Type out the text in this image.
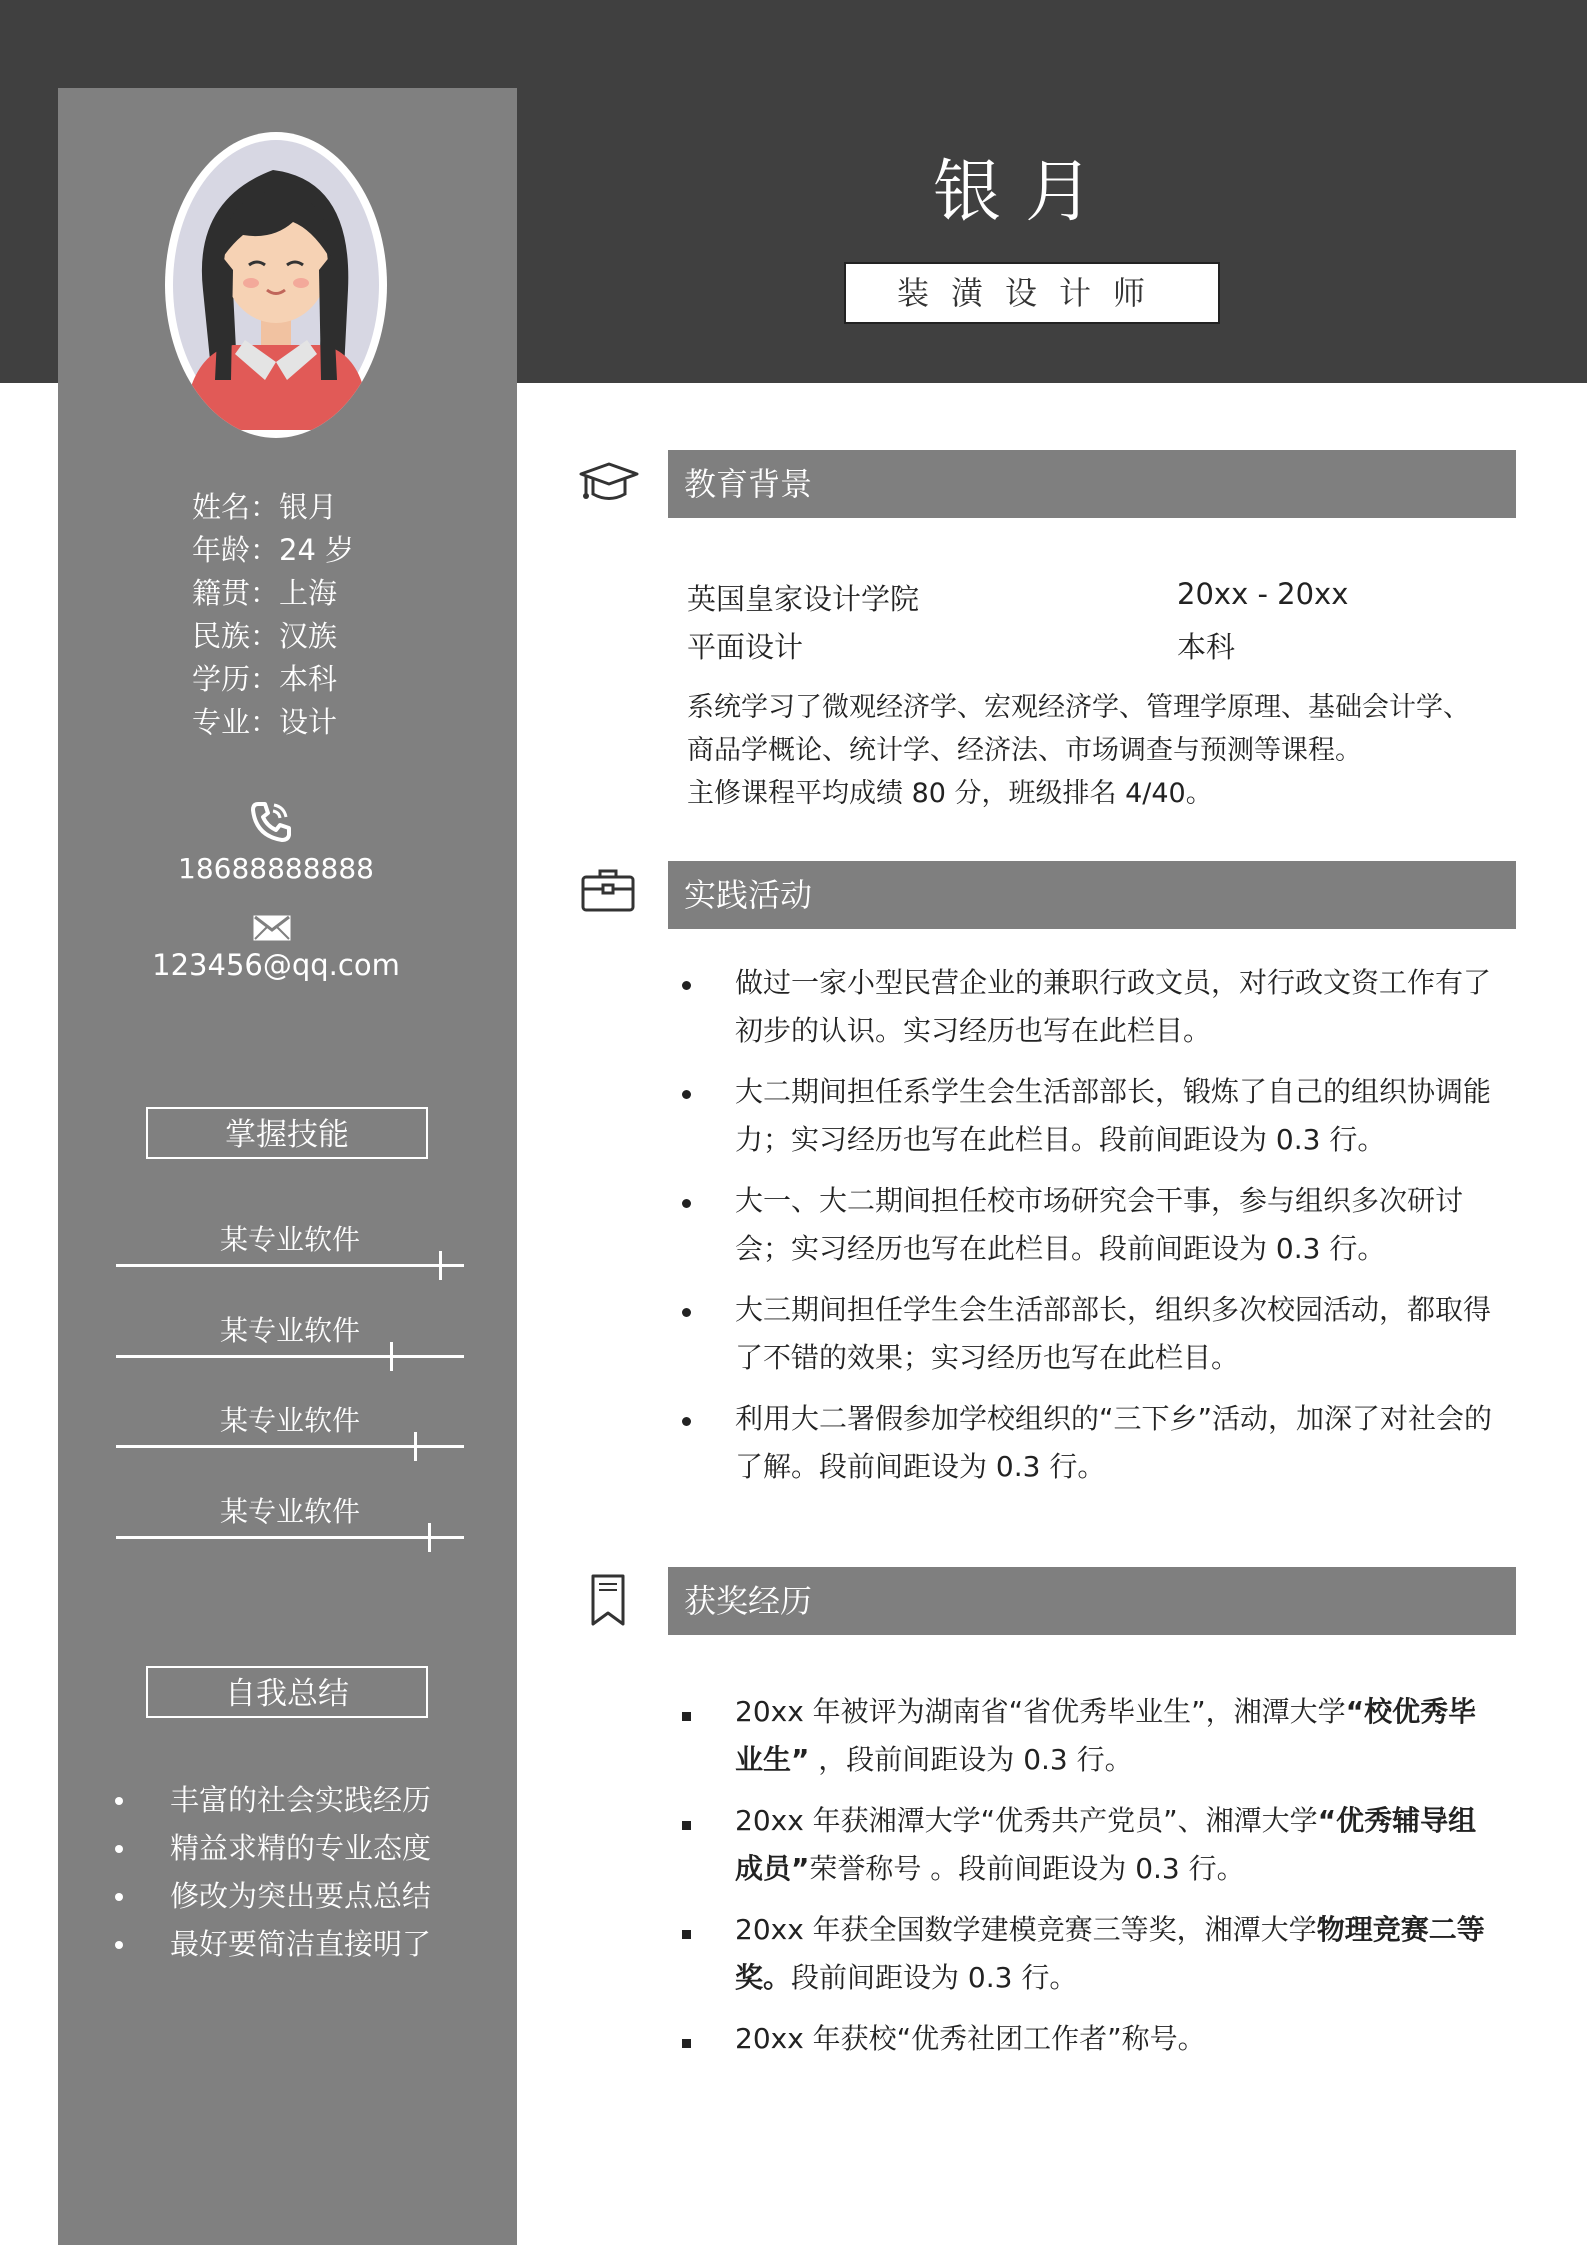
姓名：银月
年龄：24 岁
籍贯：上海
民族：汉族
学历：本科
专业：设计
18688888888
123456@qq.com
掌握技能
某专业软件
某专业软件
某专业软件
某专业软件
自我总结
丰富的社会实践经历
精益求精的专业态度
修改为突出要点总结
最好要简洁直接明了
银月
装潢设计师
教育背景
英国皇家设计学院	20xx - 20xx
平面设计	本科
系统学习了微观经济学、宏观经济学、管理学原理、基础会计学、
商品学概论、统计学、经济法、市场调查与预测等课程。
主修课程平均成绩 80 分，班级排名 4/40。
实践活动
做过一家小型民营企业的兼职行政文员，对行政文资工作有了初步的认识。实习经历也写在此栏目。
大二期间担任系学生会生活部部长，锻炼了自己的组织协调能力；实习经历也写在此栏目。段前间距设为 0.3 行。
大一、大二期间担任校市场研究会干事，参与组织多次研讨会；实习经历也写在此栏目。段前间距设为 0.3 行。
大三期间担任学生会生活部部长，组织多次校园活动，都取得了不错的效果；实习经历也写在此栏目。
利用大二署假参加学校组织的“三下乡”活动，加深了对社会的了解。段前间距设为 0.3 行。
获奖经历
20xx 年被评为湖南省“省优秀毕业生”，湘潭大学“校优秀毕业生” ，段前间距设为 0.3 行。
20xx 年获湘潭大学“优秀共产党员”、湘潭大学“优秀辅导组成员”荣誉称号 。段前间距设为 0.3 行。
20xx 年获全国数学建模竞赛三等奖，湘潭大学物理竞赛二等奖。段前间距设为 0.3 行。
20xx 年获校“优秀社团工作者”称号。
